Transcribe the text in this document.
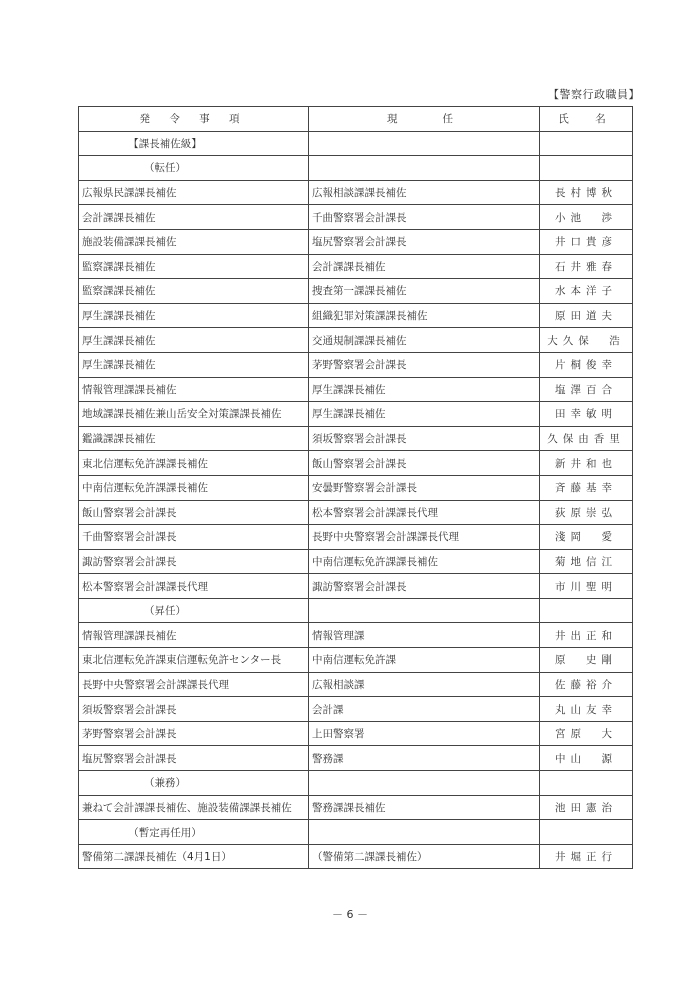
【警察行政職員】
発 令 事 項	現　　任	氏　名
【課長補佐級】		
（転任）		
広報県民課課長補佐	広報相談課課長補佐	長村博秋
会計課課長補佐	千曲警察署会計課長	小池　渉
施設装備課課長補佐	塩尻警察署会計課長	井口貴彦
監察課課長補佐	会計課課長補佐	石井雅春
監察課課長補佐	捜査第一課課長補佐	水本洋子
厚生課課長補佐	組織犯罪対策課課長補佐	原田道夫
厚生課課長補佐	交通規制課課長補佐	大久保　浩
厚生課課長補佐	茅野警察署会計課長	片桐俊幸
情報管理課課長補佐	厚生課課長補佐	塩澤百合
地域課課長補佐兼山岳安全対策課課長補佐	厚生課課長補佐	田幸敏明
鑑識課課長補佐	須坂警察署会計課長	久保由香里
東北信運転免許課課長補佐	飯山警察署会計課長	新井和也
中南信運転免許課課長補佐	安曇野警察署会計課長	斉藤基幸
飯山警察署会計課長	松本警察署会計課課長代理	荻原崇弘
千曲警察署会計課長	長野中央警察署会計課課長代理	淺岡　愛
諏訪警察署会計課長	中南信運転免許課課長補佐	菊地信江
松本警察署会計課課長代理	諏訪警察署会計課長	市川聖明
（昇任）		
情報管理課課長補佐	情報管理課	井出正和
東北信運転免許課東信運転免許センター長	中南信運転免許課	原　史剛
長野中央警察署会計課課長代理	広報相談課	佐藤裕介
須坂警察署会計課長	会計課	丸山友幸
茅野警察署会計課長	上田警察署	宮原　大
塩尻警察署会計課長	警務課	中山　源
（兼務）		
兼ねて会計課課長補佐、施設装備課課長補佐	警務課課長補佐	池田憲治
（暫定再任用）		
警備第二課課長補佐（4月1日）	（警備第二課課長補佐）	井堀正行
－ 6 －
